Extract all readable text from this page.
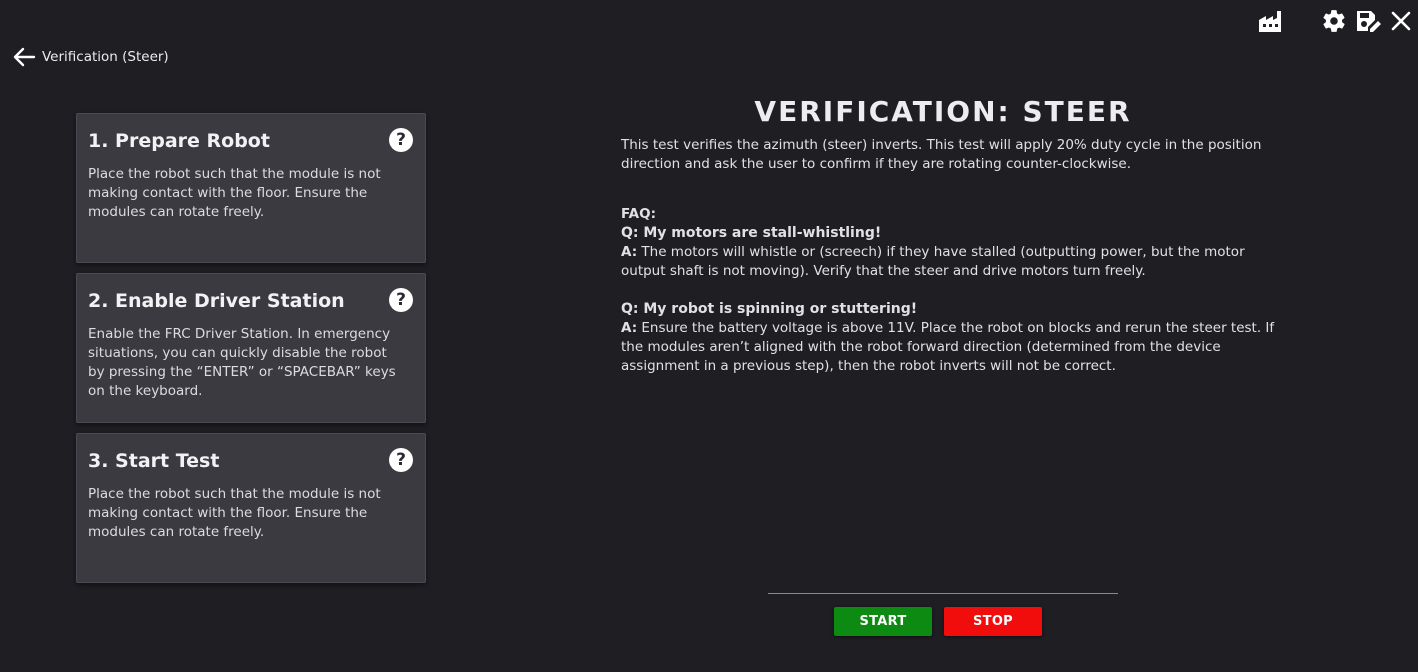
Verification (Steer)
1. Prepare Robot

Place the robot such that the module is not making contact with the floor. Ensure the modules can rotate freely.

?
2. Enable Driver Station

Enable the FRC Driver Station. In emergency situations, you can quickly disable the robot by pressing the “ENTER” or “SPACEBAR” keys on the keyboard.

?
3. Start Test

Place the robot such that the module is not making contact with the floor. Ensure the modules can rotate freely.

?
VERIFICATION: STEER

This test verifies the azimuth (steer) inverts. This test will apply 20% duty cycle in the position direction and ask the user to confirm if they are rotating counter-clockwise.

FAQ:

Q: My motors are stall-whistling!

A: The motors will whistle or (screech) if they have stalled (outputting power, but the motor output shaft is not moving). Verify that the steer and drive motors turn freely.

Q: My robot is spinning or stuttering!

A: Ensure the battery voltage is above 11V. Place the robot on blocks and rerun the steer test. If the modules aren’t aligned with the robot forward direction (determined from the device assignment in a previous step), then the robot inverts will not be correct.

START	STOP
